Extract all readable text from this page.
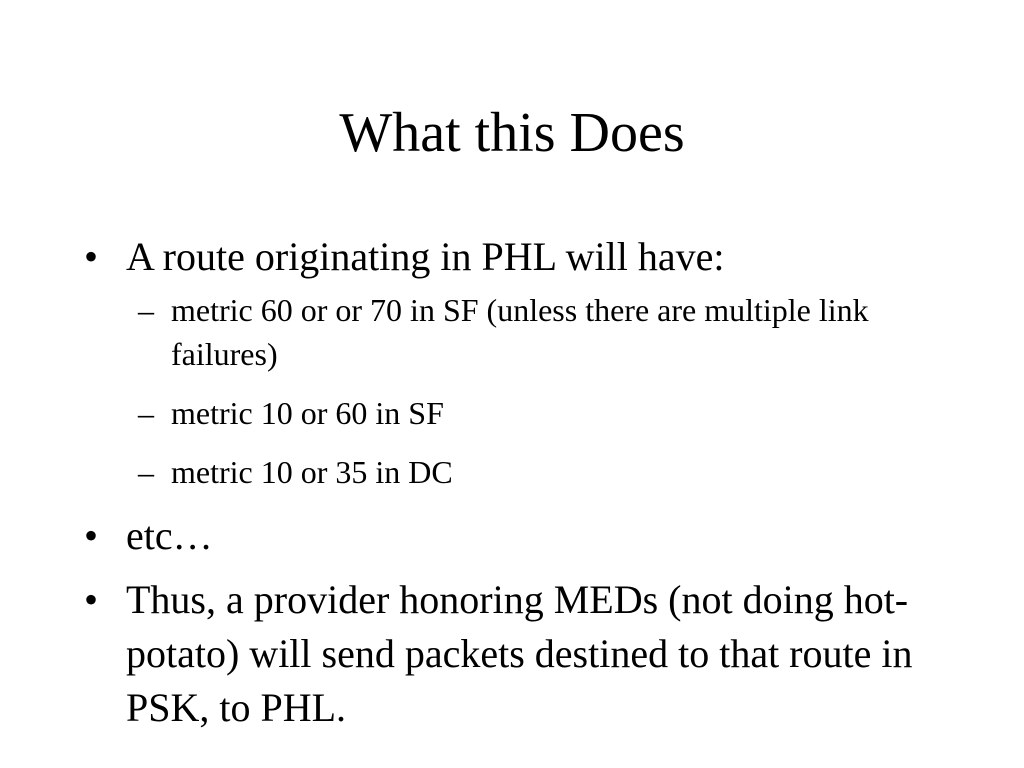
What this Does
• A route originating in PHL will have:
– metric 60 or or 70 in SF (unless there are multiple link failures)
– metric 10 or 60 in SF
– metric 10 or 35 in DC
• etc…
• Thus, a provider honoring MEDs (not doing hot-potato) will send packets destined to that route in PSK, to PHL.
